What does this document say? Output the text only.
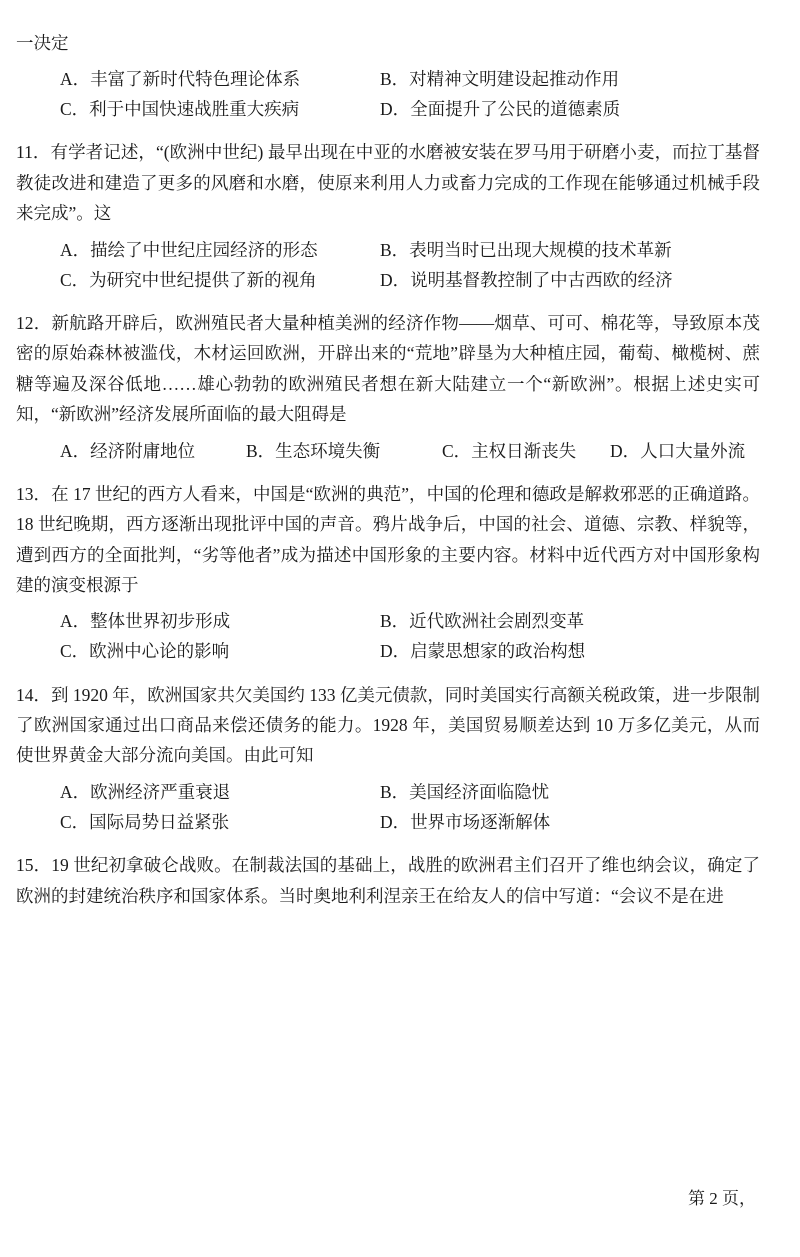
一决定
A．丰富了新时代特色理论体系	B．对精神文明建设起推动作用
C．利于中国快速战胜重大疾病	D．全面提升了公民的道德素质

11．有学者记述，“(欧洲中世纪) 最早出现在中亚的水磨被安装在罗马用于研磨小麦，而拉丁基督教徒改进和建造了更多的风磨和水磨，使原来利用人力或畜力完成的工作现在能够通过机械手段来完成”。这

A．描绘了中世纪庄园经济的形态	B．表明当时已出现大规模的技术革新
C．为研究中世纪提供了新的视角	D．说明基督教控制了中古西欧的经济

12．新航路开辟后，欧洲殖民者大量种植美洲的经济作物——烟草、可可、棉花等，导致原本茂密的原始森林被滥伐，木材运回欧洲，开辟出来的“荒地”辟垦为大种植庄园，葡萄、橄榄树、蔗糖等遍及深谷低地……雄心勃勃的欧洲殖民者想在新大陆建立一个“新欧洲”。根据上述史实可知，“新欧洲”经济发展所面临的最大阻碍是

A．经济附庸地位	B．生态环境失衡	C．主权日渐丧失	D．人口大量外流

13．在 17 世纪的西方人看来，中国是“欧洲的典范”，中国的伦理和德政是解救邪恶的正确道路。18 世纪晚期，西方逐渐出现批评中国的声音。鸦片战争后，中国的社会、道德、宗教、样貌等，遭到西方的全面批判，“劣等他者”成为描述中国形象的主要内容。材料中近代西方对中国形象构建的演变根源于

A．整体世界初步形成	B．近代欧洲社会剧烈变革
C．欧洲中心论的影响	D．启蒙思想家的政治构想

14．到 1920 年，欧洲国家共欠美国约 133 亿美元债款，同时美国实行高额关税政策，进一步限制了欧洲国家通过出口商品来偿还债务的能力。1928 年，美国贸易顺差达到 10 万多亿美元，从而使世界黄金大部分流向美国。由此可知

A．欧洲经济严重衰退	B．美国经济面临隐忧
C．国际局势日益紧张	D．世界市场逐渐解体

15．19 世纪初拿破仑战败。在制裁法国的基础上，战胜的欧洲君主们召开了维也纳会议，确定了欧洲的封建统治秩序和国家体系。当时奥地利利涅亲王在给友人的信中写道：“会议不是在进

第 2 页，
